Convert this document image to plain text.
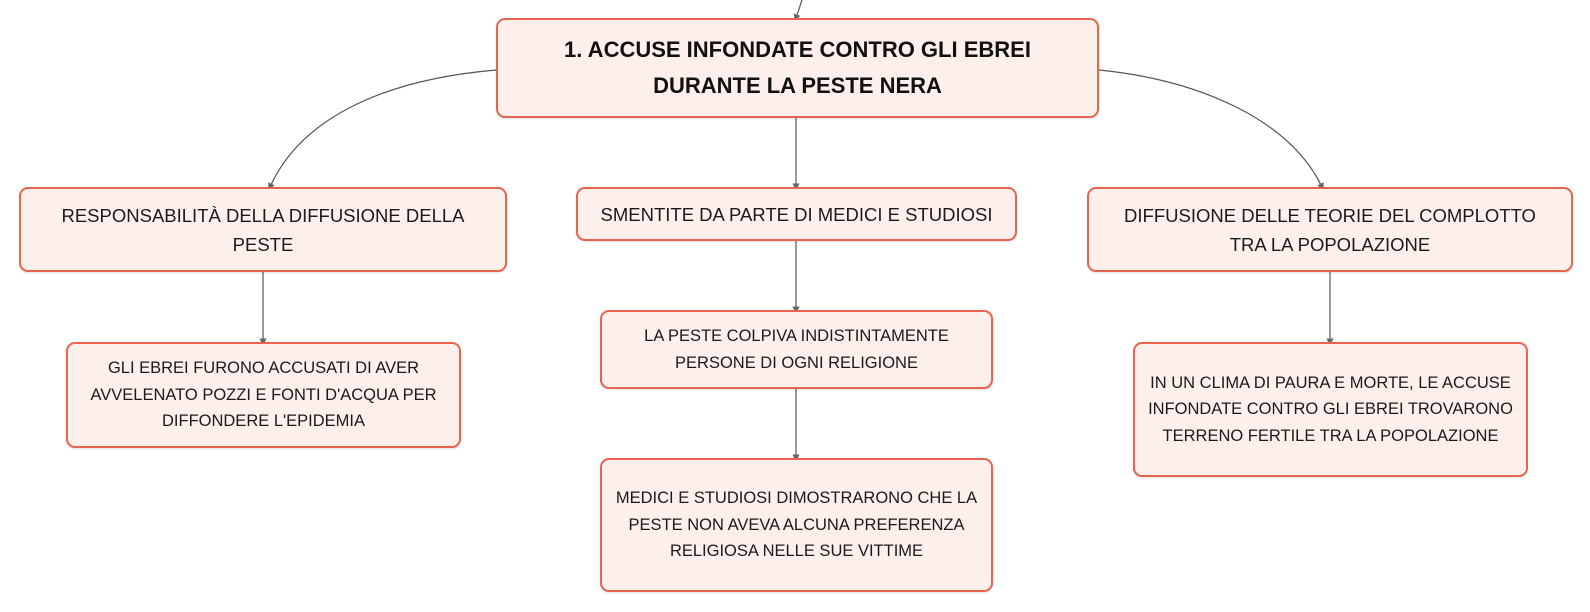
1. ACCUSE INFONDATE CONTRO GLI EBREI DURANTE LA PESTE NERA
RESPONSABILITÀ DELLA DIFFUSIONE DELLA PESTE
SMENTITE DA PARTE DI MEDICI E STUDIOSI	DIFFUSIONE DELLE TEORIE DEL COMPLOTTO TRA LA POPOLAZIONE
GLI EBREI FURONO ACCUSATI DI AVER AVVELENATO POZZI E FONTI D'ACQUA PER DIFFONDERE L'EPIDEMIA
LA PESTE COLPIVA INDISTINTAMENTE PERSONE DI OGNI RELIGIONE
MEDICI E STUDIOSI DIMOSTRARONO CHE LA PESTE NON AVEVA ALCUNA PREFERENZA RELIGIOSA NELLE SUE VITTIME
IN UN CLIMA DI PAURA E MORTE, LE ACCUSE INFONDATE CONTRO GLI EBREI TROVARONO TERRENO FERTILE TRA LA POPOLAZIONE
